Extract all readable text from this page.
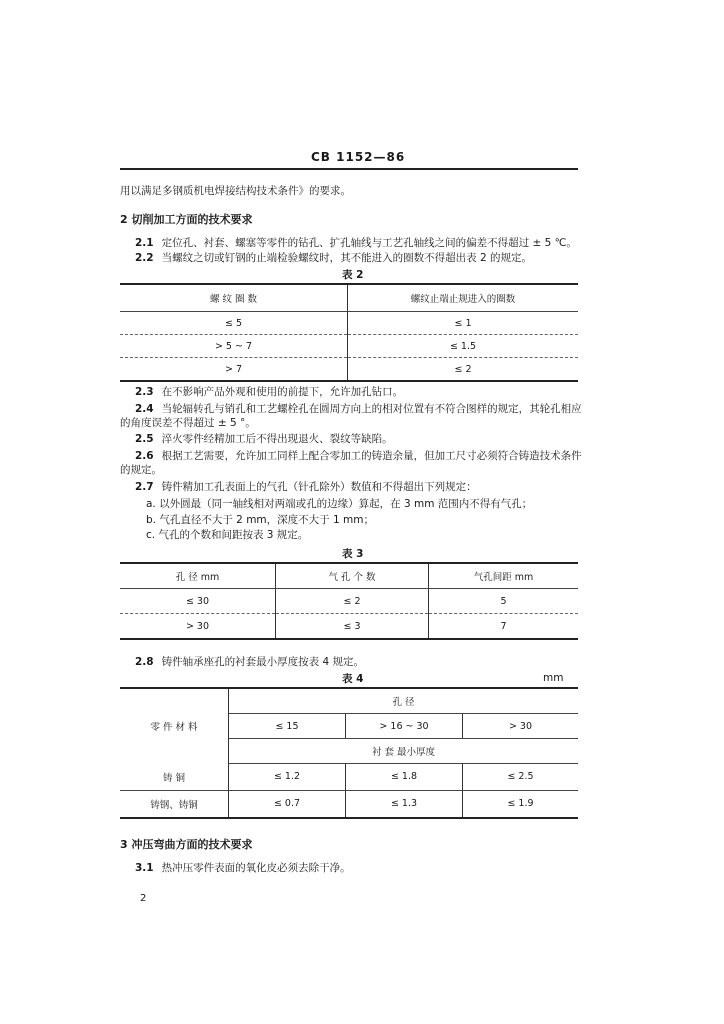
CB 1152—86
用以满足多钢质机电焊接结构技术条件》的要求。
2 切削加工方面的技术要求
2.1 定位孔、衬套、螺塞等零件的钻孔、扩孔轴线与工艺孔轴线之间的偏差不得超过 ± 5 ℃。
2.2 当螺纹之切或钉钢的止端检验螺纹时，其不能进入的圈数不得超出表 2 的规定。
表 2
螺 纹 圈 数	螺纹止端止规进入的圈数
≤ 5	≤ 1
> 5 ~ 7	≤ 1.5
> 7	≤ 2
2.3 在不影响产品外观和使用的前提下，允许加孔钻口。
2.4 当轮辐转孔与销孔和工艺螺栓孔在圆周方向上的相对位置有不符合图样的规定，其轮孔相应
的角度误差不得超过 ± 5 °。
2.5 淬火零件经精加工后不得出现退火、裂纹等缺陷。
2.6 根据工艺需要，允许加工同样上配合零加工的铸造余量，但加工尺寸必须符合铸造技术条件
的规定。
2.7 铸件精加工孔表面上的气孔（针孔除外）数值和不得超出下列规定：
a. 以外圆最（同一轴线相对两端或孔的边缘）算起，在 3 mm 范围内不得有气孔；
b. 气孔直径不大于 2 mm，深度不大于 1 mm；
c. 气孔的个数和间距按表 3 规定。
表 3
孔 径 mm	气 孔 个 数	气孔间距 mm
≤ 30	≤ 2	5
> 30	≤ 3	7
2.8 铸件轴承座孔的衬套最小厚度按表 4 规定。
表 4	mm
零 件 材 料	孔 径		
	≤ 15	> 16 ~ 30	> 30
	衬 套 最小厚度		
铸 铜	≤ 1.2	≤ 1.8	≤ 2.5
铸钢、铸铜	≤ 0.7	≤ 1.3	≤ 1.9
3 冲压弯曲方面的技术要求
3.1 热冲压零件表面的氧化皮必须去除干净。
2
